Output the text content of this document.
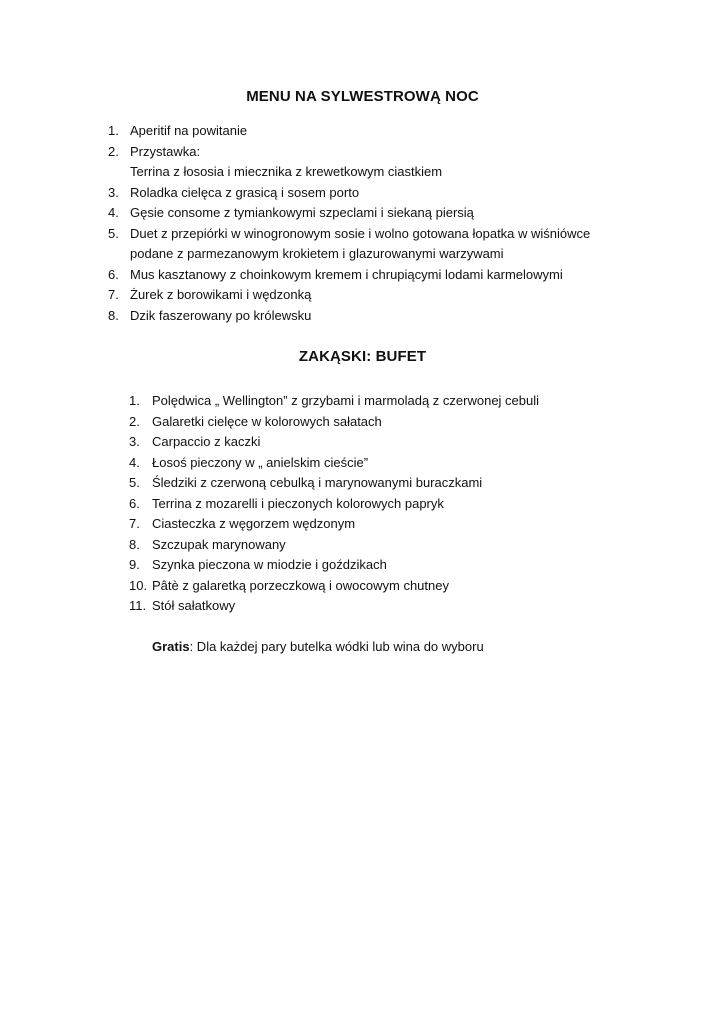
MENU NA SYLWESTROWĄ NOC
1. Aperitif na powitanie
2. Przystawka:
Terrina z łososia i miecznika z krewetkowym ciastkiem
3. Roladka cielęca z grasicą i sosem porto
4. Gęsie consome z tymiankowymi szpeclami i siekaną piersią
5. Duet z przepiórki w winogronowym sosie i wolno gotowana łopatka w wiśniówce
podane z parmezanowym krokietem i glazurowanymi warzywami
6. Mus kasztanowy z choinkowym kremem i chrupiącymi lodami karmelowymi
7. Żurek z borowikami i wędzonką
8. Dzik faszerowany po królewsku
ZAKĄSKI: BUFET
1. Polędwica „ Wellington” z grzybami i marmoladą z czerwonej cebuli
2. Galaretki cielęce w kolorowych sałatach
3. Carpaccio z kaczki
4. Łosoś pieczony w „ anielskim cieście”
5. Śledziki z czerwoną cebulką i marynowanymi buraczkami
6. Terrina z mozarelli i pieczonych kolorowych papryk
7. Ciasteczka z węgorzem wędzonym
8. Szczupak marynowany
9. Szynka pieczona w miodzie i goździkach
10. Pâtè z galaretką porzeczkową i owocowym chutney
11. Stół sałatkowy
Gratis: Dla każdej pary butelka wódki lub wina do wyboru
